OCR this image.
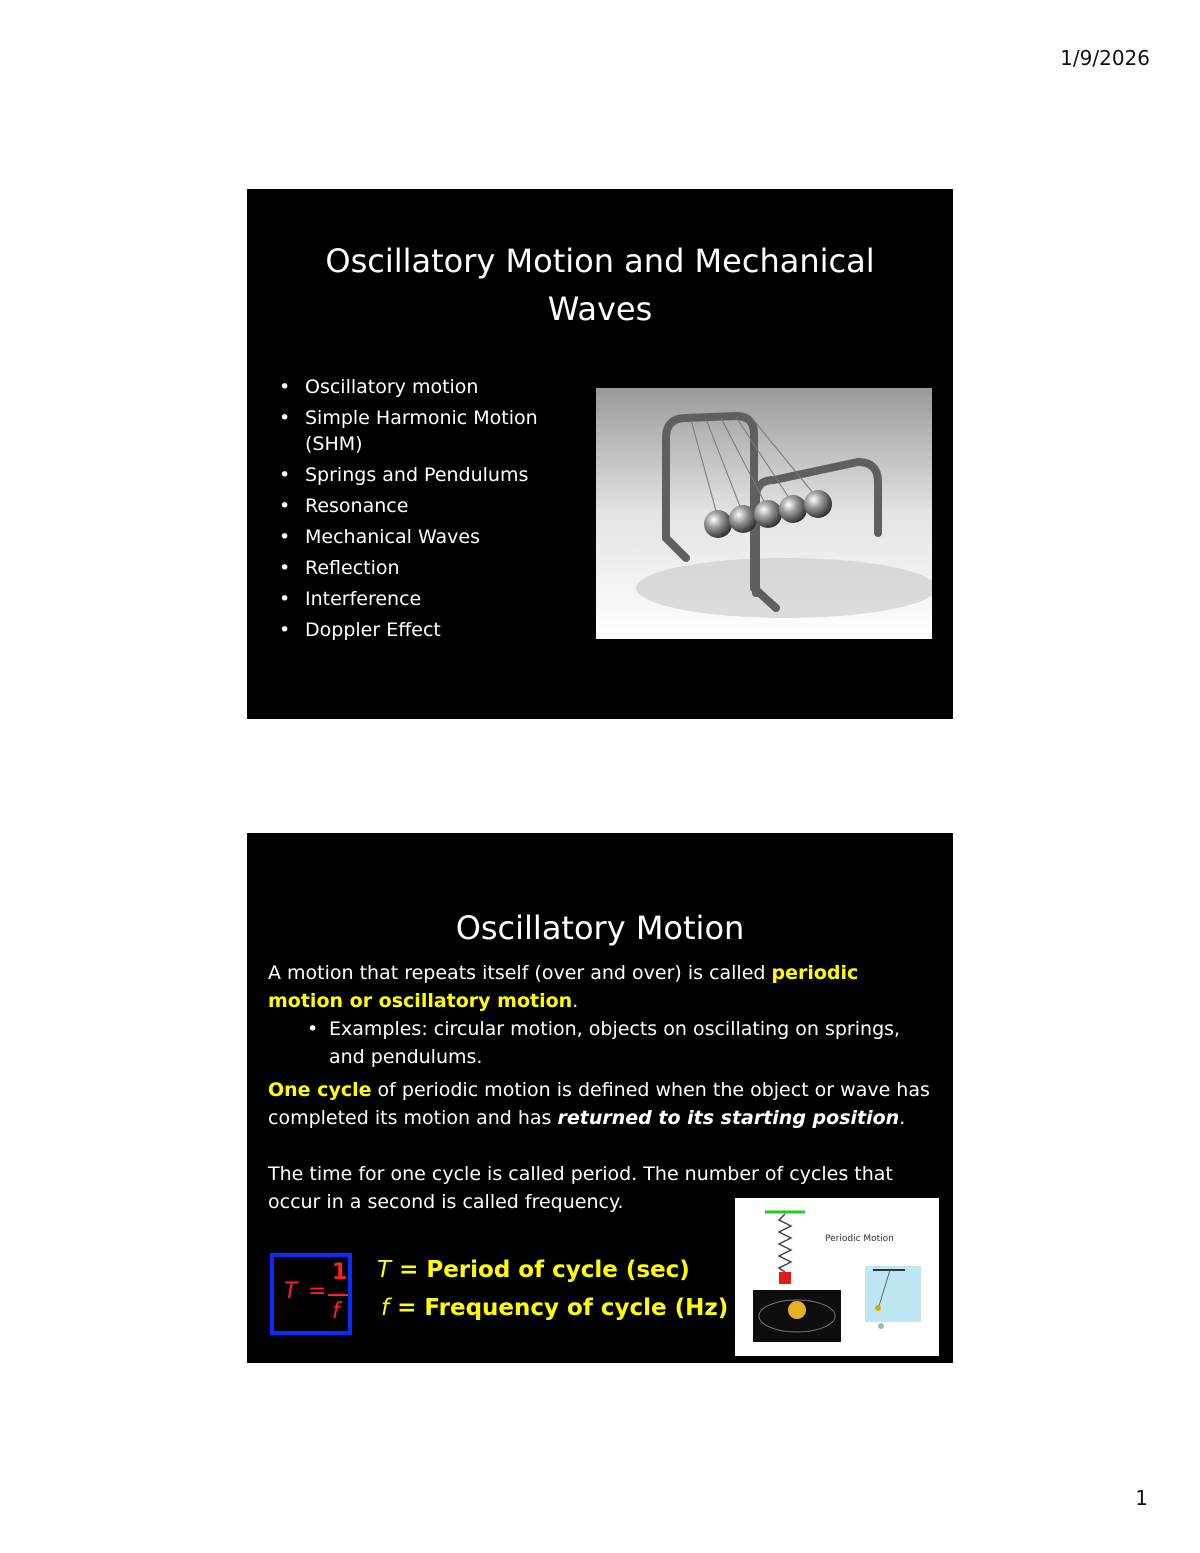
1/9/2026
Oscillatory Motion and Mechanical Waves
• Oscillatory motion
• Simple Harmonic Motion (SHM)
• Springs and Pendulums
• Resonance
• Mechanical Waves
• Reflection
• Interference
• Doppler Effect
Oscillatory Motion
A motion that repeats itself (over and over) is called periodic motion or oscillatory motion.
• Examples: circular motion, objects on oscillating on springs, and pendulums.
One cycle of periodic motion is defined when the object or wave has completed its motion and has returned to its starting position.
The time for one cycle is called period. The number of cycles that occur in a second is called frequency.
T =
1
f
T = Period of cycle (sec)
f = Frequency of cycle (Hz)
Periodic Motion
1
